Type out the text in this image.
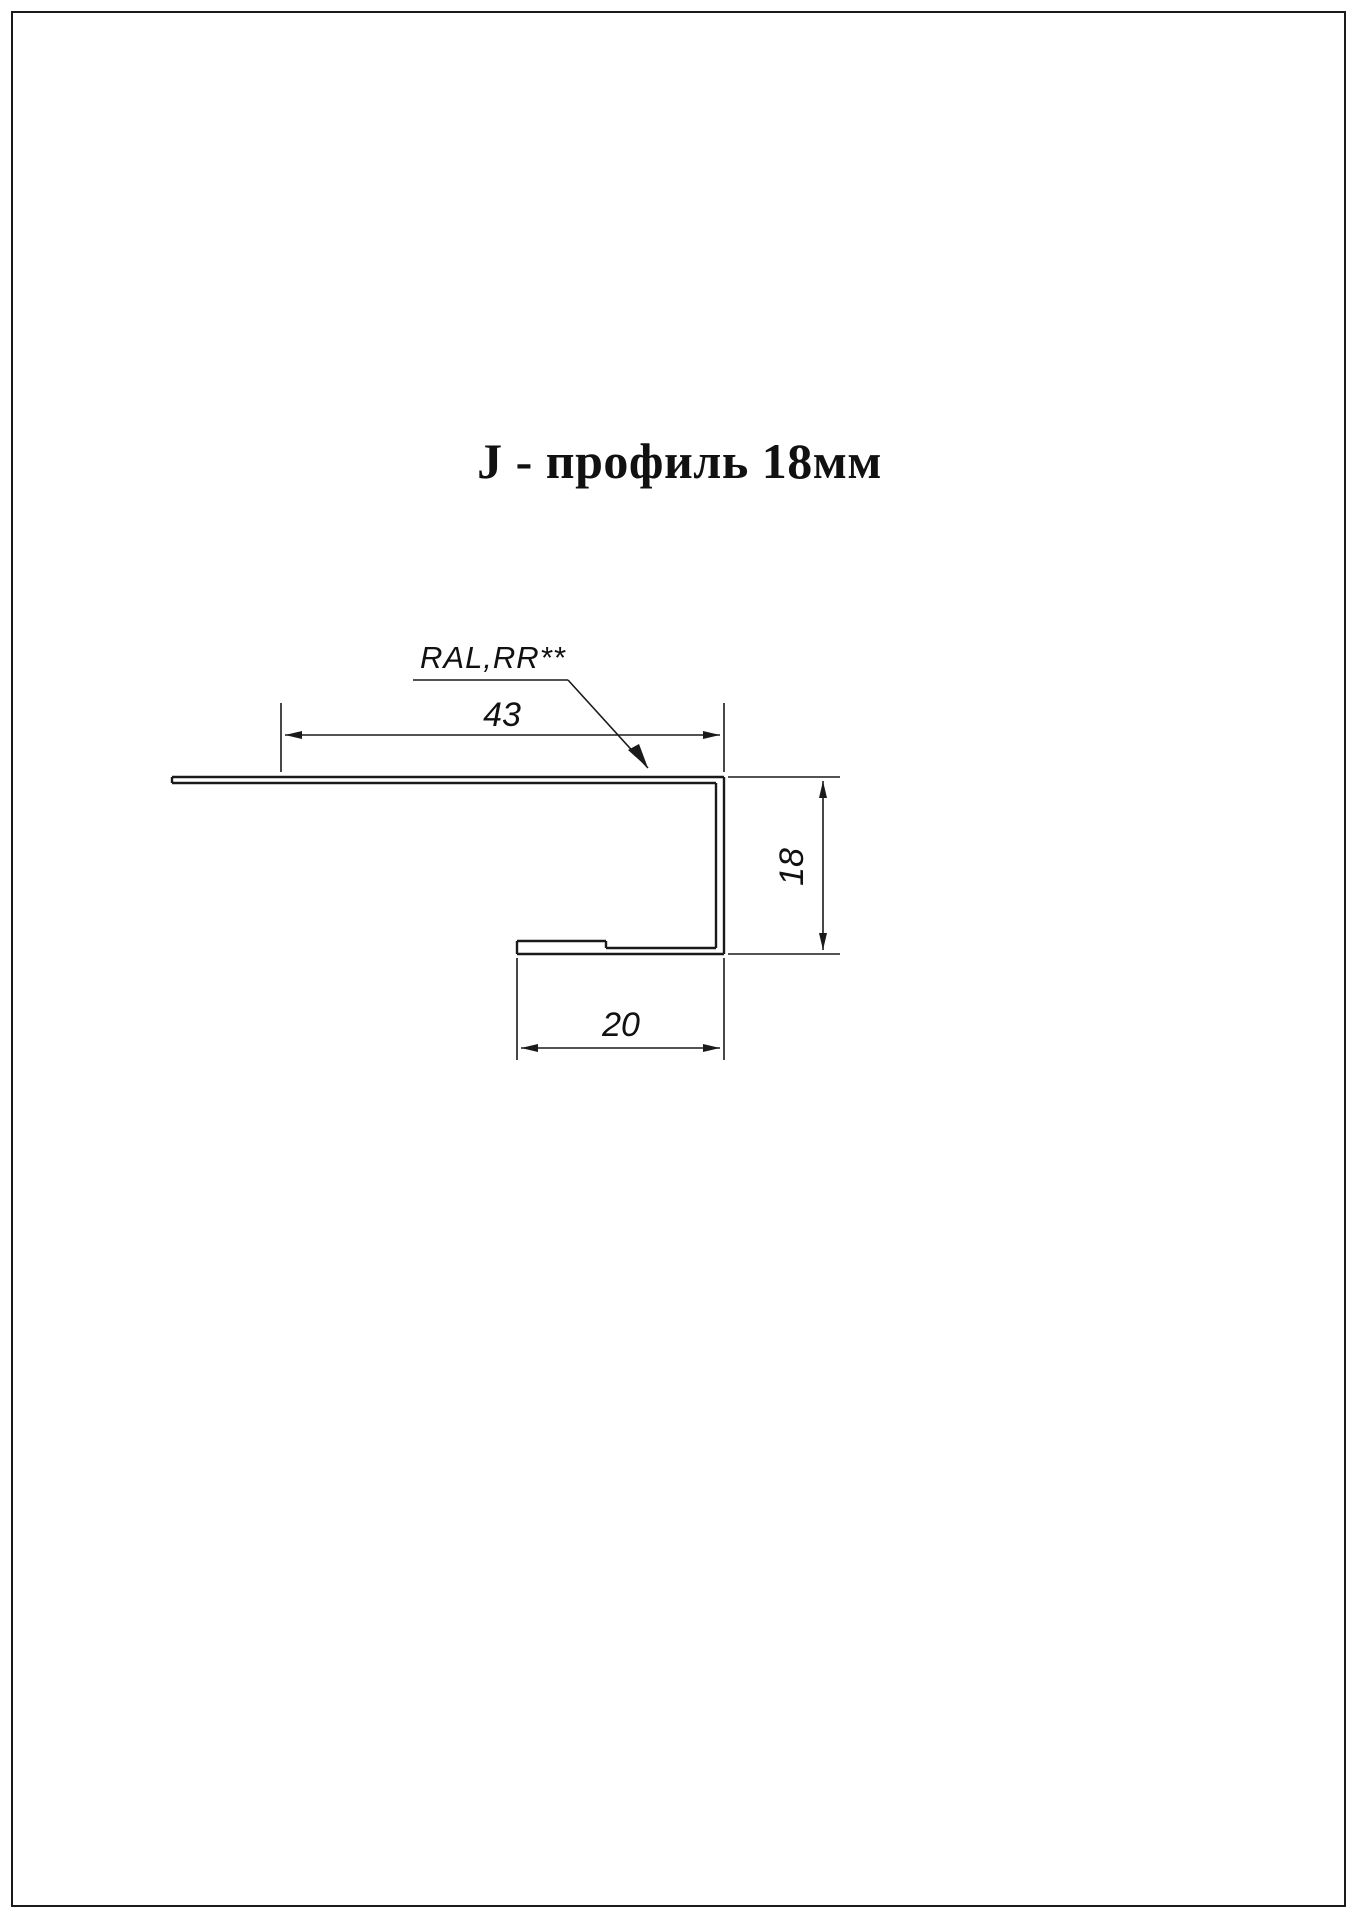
J - профиль 18мм
43
18
20
RAL,RR**
